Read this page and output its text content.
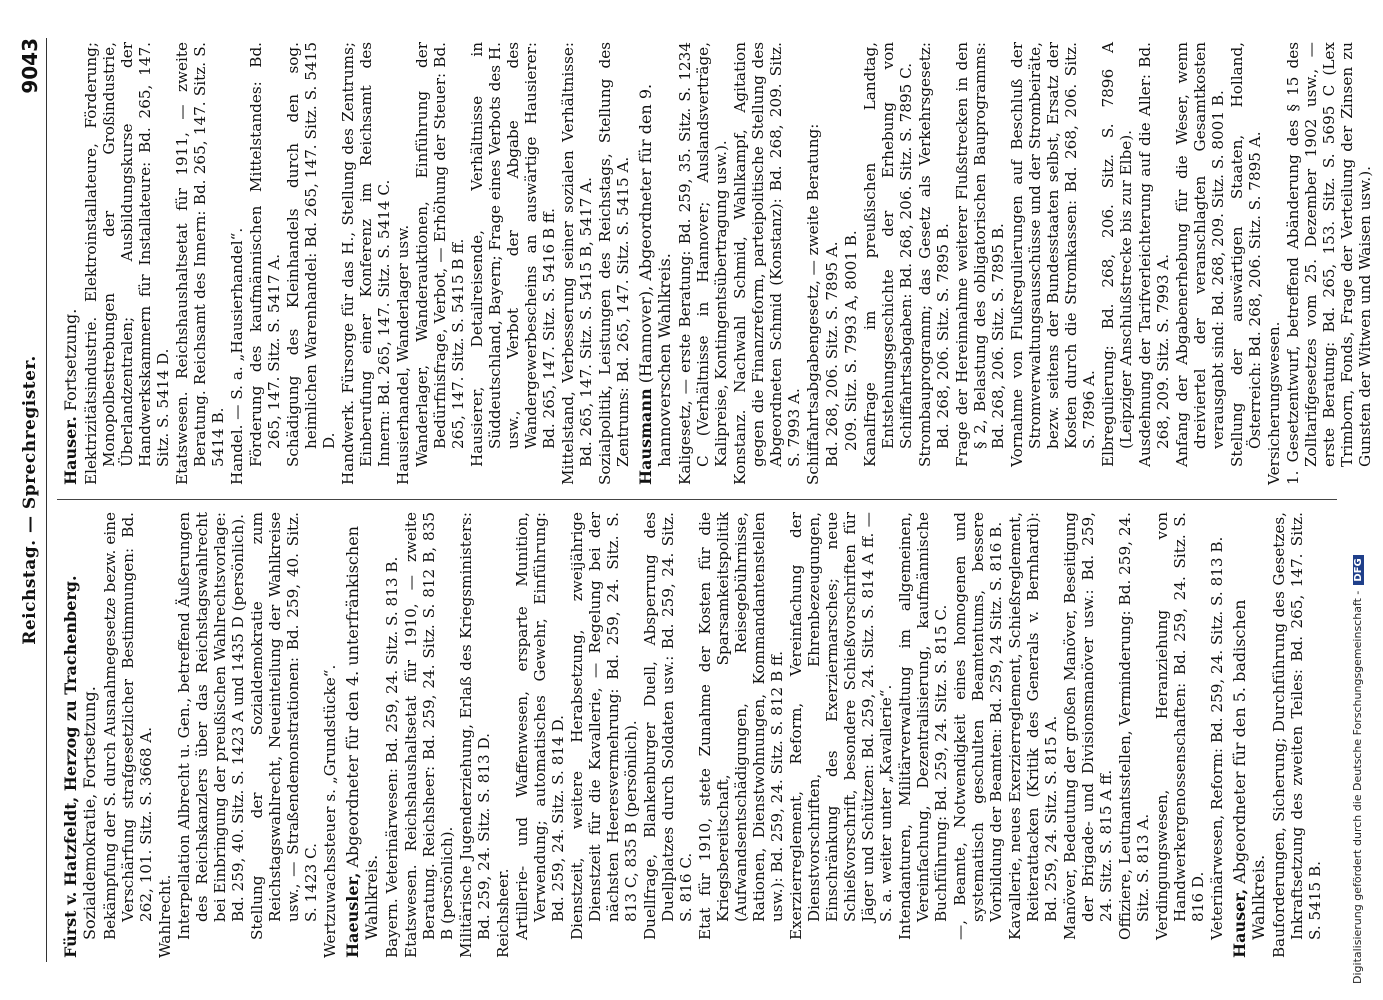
Reichstag. — Sprechregister.
9043
Fürst v. Hatzfeldt, Herzog zu Trachenberg. Sozialdemokratie, Fortsetzung. Bekämpfung der S. durch Ausnahmegesetze bezw. eine Verschärfung strafgesetzlicher Bestimmungen: Bd. 262, 101. Sitz. S. 3668 A. Wahlrecht. Interpellation Albrecht u. Gen., betreffend Äußerungen des Reichskanzlers über das Reichstagswahlrecht bei Einbringung der preußischen Wahlrechtsvorlage: Bd. 259, 40. Sitz. S. 1423 A und 1435 D (persönlich). Stellung der Sozialdemokratie zum Reichstagswahlrecht, Neueinteilung der Wahlkreise usw., — Straßendemonstrationen: Bd. 259, 40. Sitz. S. 1423 C. Wertzuwachssteuer s. „Grundstücke“. Haeusler, Abgeordneter für den 4. unterfränkischen Wahlkreis. Bayern. Veterinärwesen: Bd. 259, 24. Sitz. S. 813 B. Etatswesen. Reichshaushaltsetat für 1910, — zweite Beratung. Reichsheer: Bd. 259, 24. Sitz. S. 812 B, 835 B (persönlich). Militärische Jugenderziehung, Erlaß des Kriegsministers: Bd. 259, 24. Sitz. S. 813 D. Reichsheer. Artillerie- und Waffenwesen, ersparte Munition, Verwendung; automatisches Gewehr, Einführung: Bd. 259, 24. Sitz. S. 814 D. Dienstzeit, weitere Herabsetzung, zweijährige Dienstzeit für die Kavallerie, — Regelung bei der nächsten Heeresvermehrung: Bd. 259, 24. Sitz. S. 813 C, 835 B (persönlich). Duellfrage, Blankenburger Duell, Absperrung des Duellplatzes durch Soldaten usw.: Bd. 259, 24. Sitz. S. 816 C. Etat für 1910, stete Zunahme der Kosten für die Kriegsbereitschaft, Sparsamkeitspolitik (Aufwandsentschädigungen, Reisegebührnisse, Rationen, Dienstwohnungen, Kommandantenstellen usw.): Bd. 259, 24. Sitz. S. 812 B ff. Exerzierreglement, Reform, Vereinfachung der Dienstvorschriften, Ehrenbezeugungen, Einschränkung des Exerziermarsches; neue Schießvorschrift, besondere Schießvorschriften für Jäger und Schützen: Bd. 259, 24. Sitz. S. 814 A ff. — S. a. weiter unter „Kavallerie“. Intendanturen, Militärverwaltung im allgemeinen, Vereinfachung, Dezentralisierung, kaufmännische Buchführung: Bd. 259, 24. Sitz. S. 815 C. —, Beamte, Notwendigkeit eines homogenen und systematisch geschulten Beamtentums, bessere Vorbildung der Beamten: Bd. 259, 24 Sitz. S. 816 B. Kavallerie, neues Exerzierreglement, Schießreglement, Reiterattacken (Kritik des Generals v. Bernhardi): Bd. 259, 24. Sitz. S. 815 A. Manöver, Bedeutung der großen Manöver, Beseitigung der Brigade- und Divisionsmanöver usw.: Bd. 259, 24. Sitz. S. 815 A ff. Offiziere, Leutnantsstellen, Verminderung: Bd. 259, 24. Sitz. S. 813 A. Verdingungswesen, Heranziehung von Handwerkergenossenschaften: Bd. 259, 24. Sitz. S. 816 D. Veterinärwesen, Reform: Bd. 259, 24. Sitz. S. 813 B. Hauser, Abgeordneter für den 5. badischen Wahlkreis. Bauforderungen, Sicherung; Durchführung des Gesetzes, Inkraftsetzung des zweiten Teiles: Bd. 265, 147. Sitz. S. 5415 B.
Hauser. Fortsetzung. Elektrizitätsindustrie. Elektroinstallateure, Förderung; Monopolbestrebungen der Großindustrie, Überlandzentralen; Ausbildungskurse der Handwerkskammern für Installateure: Bd. 265, 147. Sitz. S. 5414 D. Etatswesen. Reichshaushaltsetat für 1911, — zweite Beratung. Reichsamt des Innern: Bd. 265, 147. Sitz. S. 5414 B. Handel. — S. a. „Hausierhandel“. Förderung des kaufmännischen Mittelstandes: Bd. 265, 147. Sitz. S. 5417 A. Schädigung des Kleinhandels durch den sog. heimlichen Warenhandel: Bd. 265, 147. Sitz. S. 5415 D. Handwerk. Fürsorge für das H., Stellung des Zentrums; Einberufung einer Konferenz im Reichsamt des Innern: Bd. 265, 147. Sitz. S. 5414 C. Hausierhandel, Wanderlager usw. Wanderlager, Wanderauktionen, Einführung der Bedürfnisfrage, Verbot, — Erhöhung der Steuer: Bd. 265, 147. Sitz. S. 5415 B ff. Hausierer, Detailreisende, Verhältnisse in Süddeutschland, Bayern; Frage eines Verbots des H. usw., Verbot der Abgabe des Wandergewerbescheins an auswärtige Hausierer: Bd. 265, 147. Sitz. S. 5416 B ff. Mittelstand, Verbesserung seiner sozialen Verhältnisse: Bd. 265, 147. Sitz. S. 5415 B, 5417 A. Sozialpolitik, Leistungen des Reichstags, Stellung des Zentrums: Bd. 265, 147. Sitz. S. 5415 A. Hausmann (Hannover), Abgeordneter für den 9. hannoverschen Wahlkreis. Kaligesetz, — erste Beratung: Bd. 259, 35. Sitz. S. 1234 C (Verhältnisse in Hannover; Auslandsverträge, Kalipreise, Kontingentsübertragung usw.). Konstanz. Nachwahl Schmid, Wahlkampf, Agitation gegen die Finanzreform, parteipolitische Stellung des Abgeordneten Schmid (Konstanz): Bd. 268, 209. Sitz. S. 7993 A. Schiffahrtsabgabengesetz, — zweite Beratung: Bd. 268, 206. Sitz. S. 7895 A. 209. Sitz. S. 7993 A, 8001 B. Kanalfrage im preußischen Landtag, Entstehungsgeschichte der Erhebung von Schiffahrtsabgaben: Bd. 268, 206. Sitz. S. 7895 C. Strombauprogramm; das Gesetz als Verkehrsgesetz: Bd. 268, 206. Sitz. S. 7895 B. Frage der Hereinnahme weiterer Flußstrecken in den § 2, Belastung des obligatorischen Bauprogramms: Bd. 268, 206. Sitz. S. 7895 B. Vornahme von Flußregulierungen auf Beschluß der Stromverwaltungsausschüsse und der Strombeiräte, bezw. seitens der Bundesstaaten selbst, Ersatz der Kosten durch die Stromkassen: Bd. 268, 206. Sitz. S. 7896 A. Elbregulierung: Bd. 268, 206. Sitz. S. 7896 A (Leipziger Anschlußstrecke bis zur Elbe). Ausdehnung der Tarifverleichterung auf die Aller: Bd. 268, 209. Sitz. S. 7993 A. Anfang der Abgabenerhebung für die Weser, wenn dreiviertel der veranschlagten Gesamtkosten verausgabt sind: Bd. 268, 209. Sitz. S. 8001 B. Stellung der auswärtigen Staaten, Holland, Österreich: Bd. 268, 206. Sitz. S. 7895 A. Versicherungswesen. 1. Gesetzentwurf, betreffend Abänderung des § 15 des Zolltarifgesetzes vom 25. Dezember 1902 usw., — erste Beratung: Bd. 265, 153. Sitz. S. 5695 C (Lex Trimborn, Fonds, Frage der Verteilung der Zinsen zu Gunsten der Witwen und Waisen usw.).
Digitalisierung gefördert durch die Deutsche Forschungsgemeinschaft -DFG
